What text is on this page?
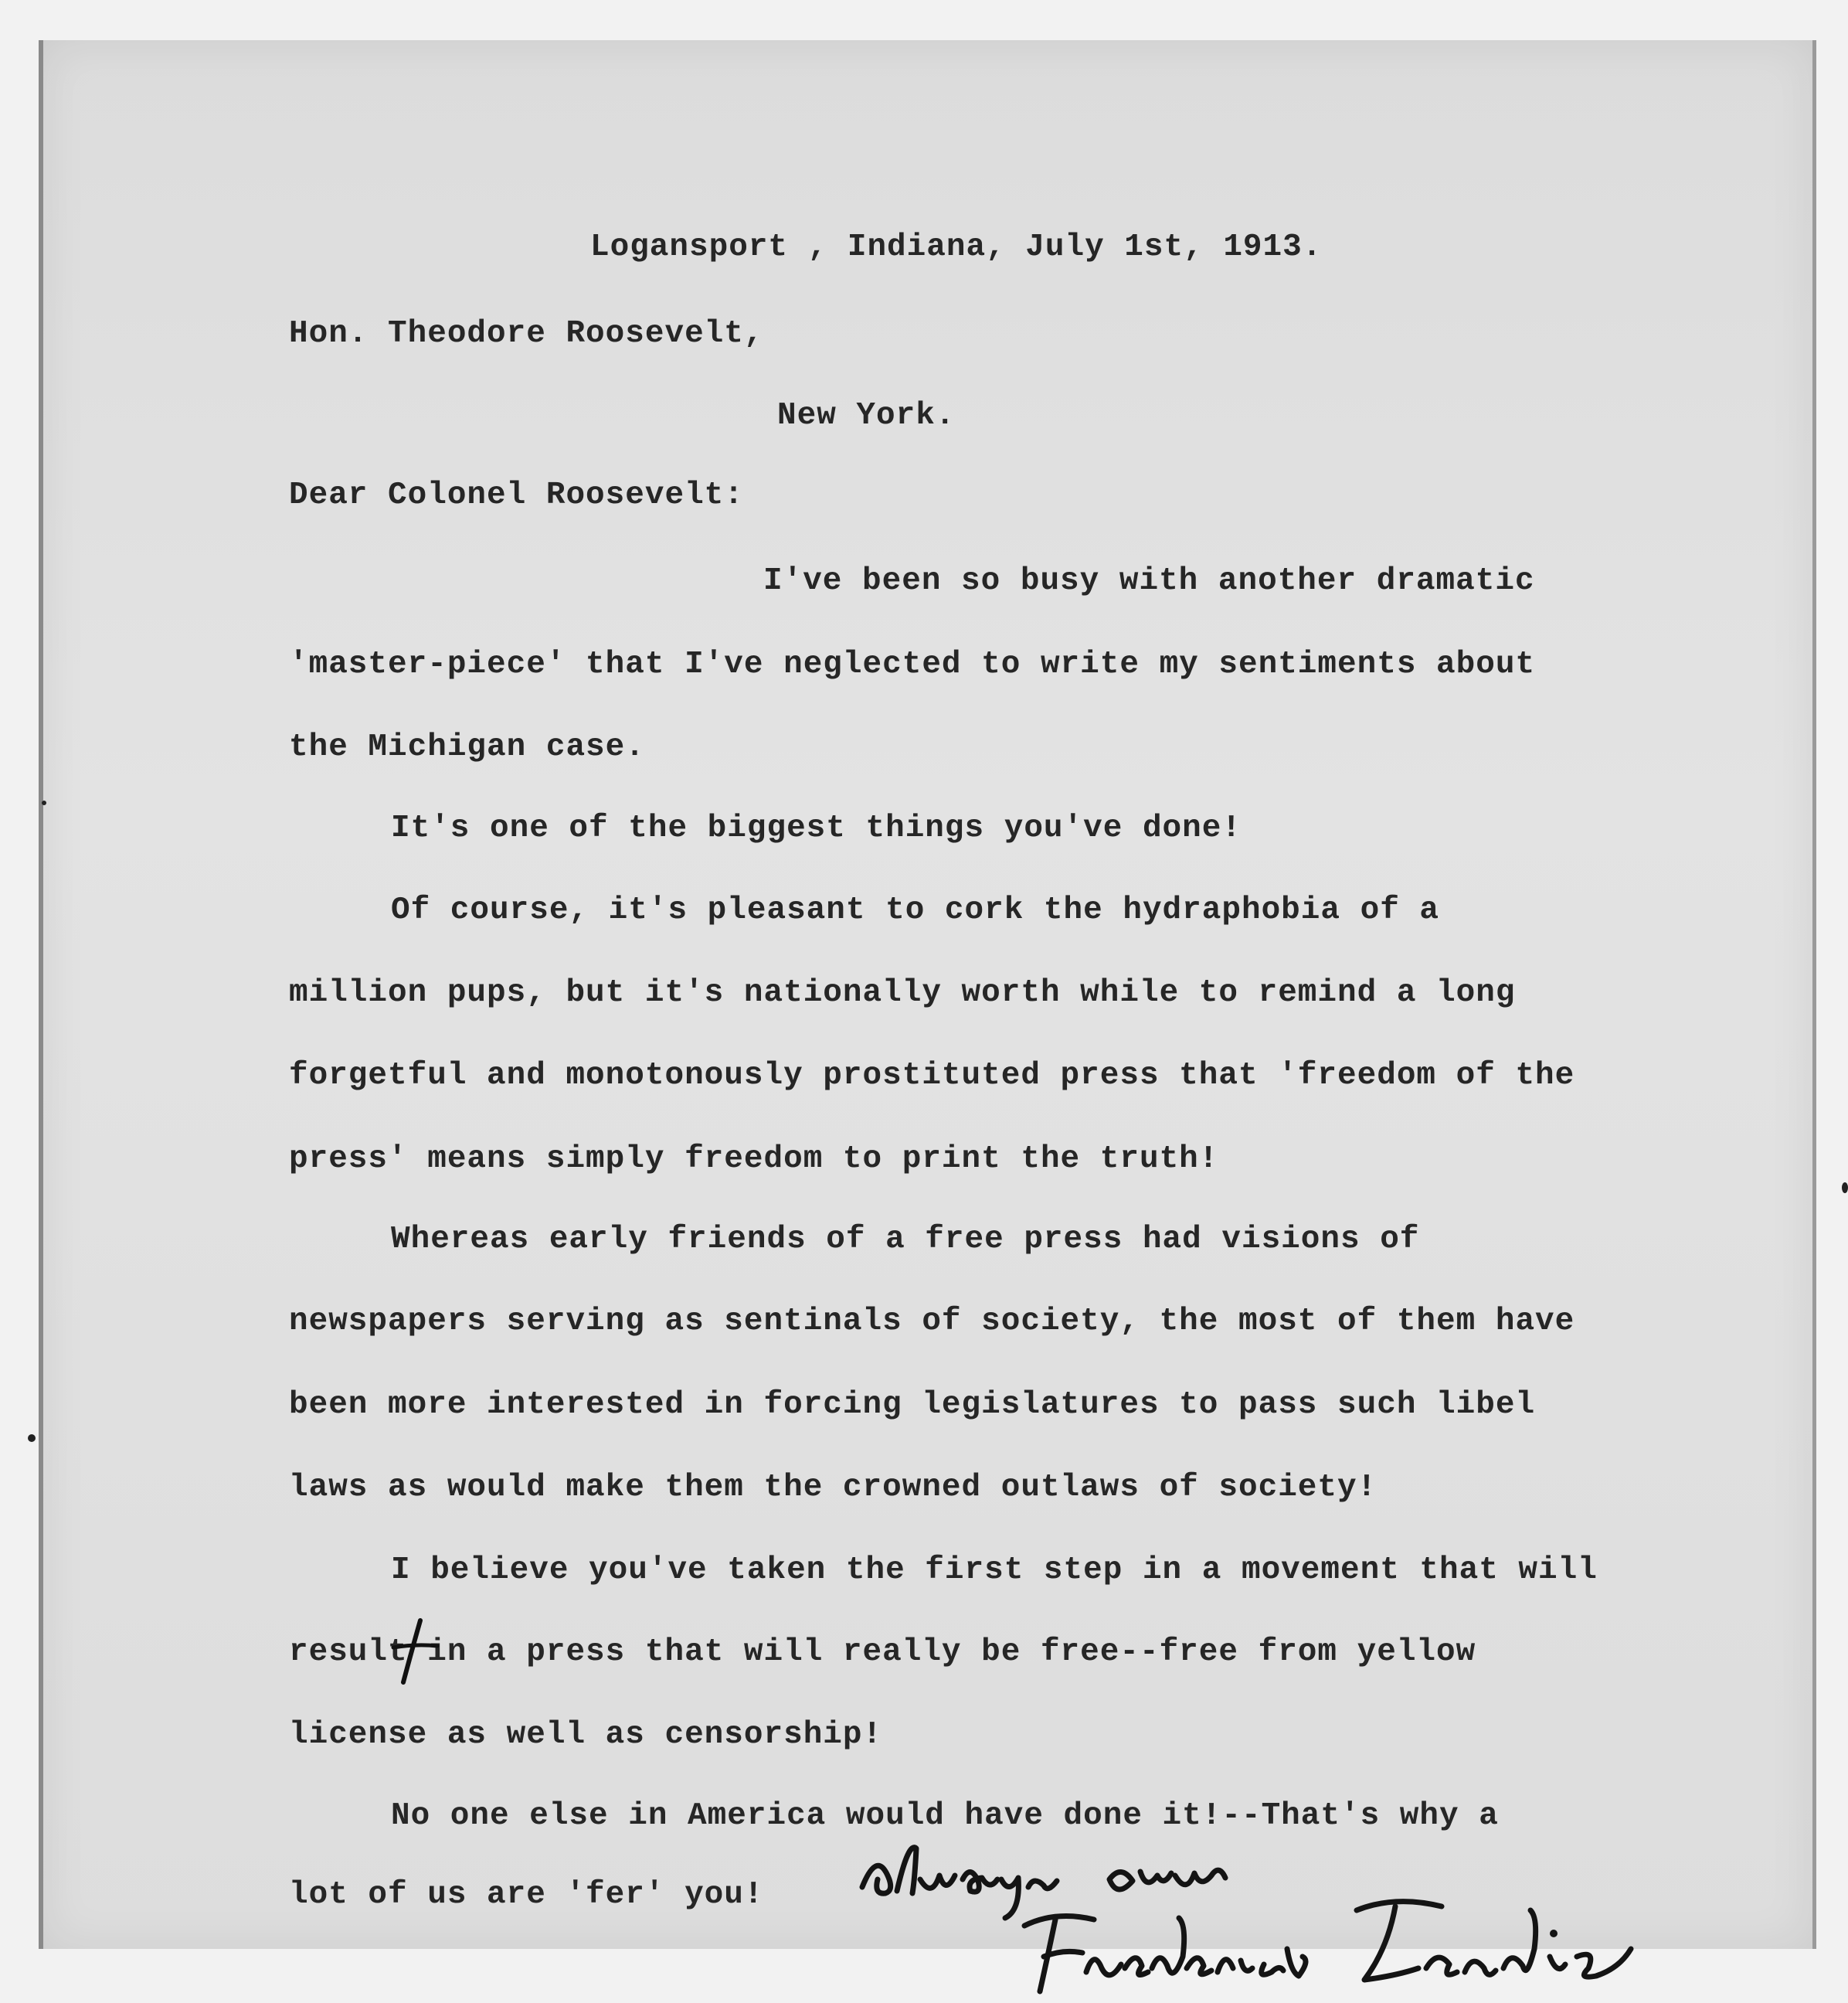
Logansport , Indiana, July 1st, 1913.
Hon. Theodore Roosevelt,
New York.
Dear Colonel Roosevelt:
I've been so busy with another dramatic
'master-piece' that I've neglected to write my sentiments about
the Michigan case.
It's one of the biggest things you've done!
Of course, it's pleasant to cork the hydraphobia of a
million pups, but it's nationally worth while to remind a long
forgetful and monotonously prostituted press that 'freedom of the
press' means simply freedom to print the truth!
Whereas early friends of a free press had visions of
newspapers serving as sentinals of society, the most of them have
been more interested in forcing legislatures to pass such libel
laws as would make them the crowned outlaws of society!
I believe you've taken the first step in a movement that will
result in a press that will really be free--free from yellow
license as well as censorship!
No one else in America would have done it!--That's why a
lot of us are 'fer' you!
